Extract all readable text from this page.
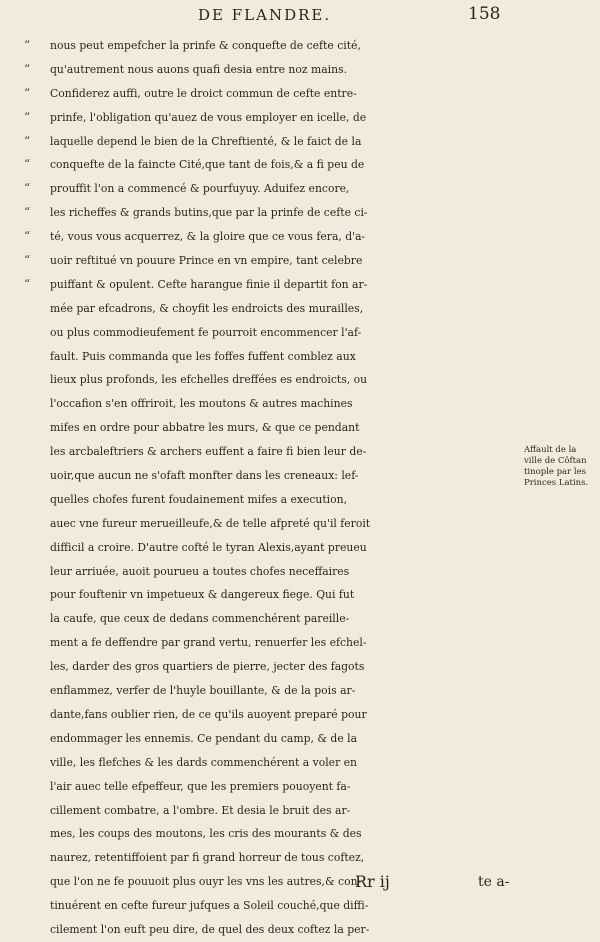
DE FLANDRE.	158
“ nous peut empefcher la prinfe & conquefte de cefte cité,
“ qu'autrement nous auons quafi desia entre noz mains.
“ Confiderez auffi, outre le droict commun de cefte entre-
“ prinfe, l'obligation qu'auez de vous employer en icelle, de
“ laquelle depend le bien de la Chreftienté, & le faict de la
“ conquefte de la faincte Cité,que tant de fois,& a fi peu de
“ prouffit l'on a commencé & pourfuyuy. Aduifez encore,
“ les richeffes & grands butins,que par la prinfe de cefte ci-
“ té, vous vous acquerrez, & la gloire que ce vous fera, d'a-
“ uoir reftitué vn pouure Prince en vn empire, tant celebre
“ puiffant & opulent. Cefte harangue finie il departit fon ar-
mée par efcadrons, & choyfit les endroicts des murailles,
ou plus commodieufement fe pourroit encommencer l'af-
fault. Puis commanda que les foffes fuffent comblez aux
lieux plus profonds, les efchelles dreffées es endroicts, ou
l'occafion s'en offriroit, les moutons & autres machines
mifes en ordre pour abbatre les murs, & que ce pendant
les arcbaleftriers & archers euffent a faire fi bien leur de-
uoir,que aucun ne s'ofaft monfter dans les creneaux: lef-
quelles chofes furent foudainement mifes a execution,
auec vne fureur merueilleufe,& de telle afpreté qu'il feroit
difficil a croire. D'autre cofté le tyran Alexis,ayant preueu
leur arriuée, auoit pourueu a toutes chofes neceffaires
pour fouftenir vn impetueux & dangereux fiege. Qui fut
la caufe, que ceux de dedans commenchérent pareille-
ment a fe deffendre par grand vertu, renuerfer les efchel-
les, darder des gros quartiers de pierre, jecter des fagots
enflammez, verfer de l'huyle bouillante, & de la pois ar-
dante,fans oublier rien, de ce qu'ils auoyent preparé pour
endommager les ennemis. Ce pendant du camp, & de la
ville, les flefches & les dards commenchérent a voler en
l'air auec telle efpeffeur, que les premiers pouoyent fa-
cillement combatre, a l'ombre. Et desia le bruit des ar-
mes, les coups des moutons, les cris des mourants & des
naurez, retentiffoient par fi grand horreur de tous coftez,
que l'on ne fe pouuoit plus ouyr les vns les autres,& con-
tinuérent en cefte fureur jufques a Soleil couché,que diffi-
cilement l'on euft peu dire, de quel des deux coftez la per-
Affault de la
ville de Côftan
tinople par les
Princes Latins.
Rr ij	te a-
